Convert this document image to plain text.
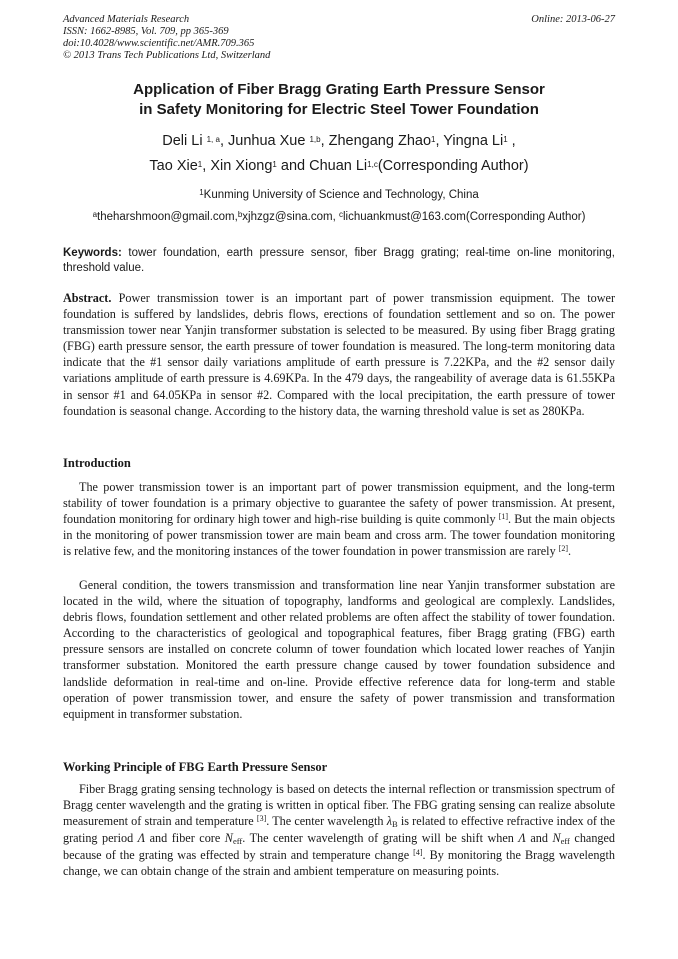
Advanced Materials Research
ISSN: 1662-8985, Vol. 709, pp 365-369
doi:10.4028/www.scientific.net/AMR.709.365
© 2013 Trans Tech Publications Ltd, Switzerland
Online: 2013-06-27
Application of Fiber Bragg Grating Earth Pressure Sensor
in Safety Monitoring for Electric Steel Tower Foundation
Deli Li $^{1, a}$, Junhua Xue $^{1,b}$, Zhengang Zhao$^1$, Yingna Li$^1$ ,
Tao Xie$^1$, Xin Xiong$^1$ and Chuan Li$^{1,c}$(Corresponding Author)
$^1$Kunming University of Science and Technology, China
$^a$theharshmoon@gmail.com,$^b$xjhzgz@sina.com, $^c$lichuankmust@163.com(Corresponding Author)
Keywords: tower foundation, earth pressure sensor, fiber Bragg grating; real-time on-line monitoring, threshold value.
Abstract. Power transmission tower is an important part of power transmission equipment. The tower foundation is suffered by landslides, debris flows, erections of foundation settlement and so on. The power transmission tower near Yanjin transformer substation is selected to be measured. By using fiber Bragg grating (FBG) earth pressure sensor, the earth pressure of tower foundation is measured. The long-term monitoring data indicate that the #1 sensor daily variations amplitude of earth pressure is 7.22KPa, and the #2 sensor daily variations amplitude of earth pressure is 4.69KPa. In the 479 days, the rangeability of average data is 61.55KPa in sensor #1 and 64.05KPa in sensor #2. Compared with the local precipitation, the earth pressure of tower foundation is seasonal change. According to the history data, the warning threshold value is set as 280KPa.
Introduction
The power transmission tower is an important part of power transmission equipment, and the long-term stability of tower foundation is a primary objective to guarantee the safety of power transmission. At present, foundation monitoring for ordinary high tower and high-rise building is quite commonly [1]. But the main objects in the monitoring of power transmission tower are main beam and cross arm. The tower foundation monitoring is relative few, and the monitoring instances of the tower foundation in power transmission are rarely [2].
General condition, the towers transmission and transformation line near Yanjin transformer substation are located in the wild, where the situation of topography, landforms and geological are complexly. Landslides, debris flows, foundation settlement and other related problems are often affect the stability of tower foundation. According to the characteristics of geological and topographical features, fiber Bragg grating (FBG) earth pressure sensors are installed on concrete column of tower foundation which located lower reaches of Yanjin transformer substation. Monitored the earth pressure change caused by tower foundation subsidence and landslide deformation in real-time and on-line. Provide effective reference data for long-term and stable operation of power transmission tower, and ensure the safety of power transmission and transformation equipment in transformer substation.
Working Principle of FBG Earth Pressure Sensor
Fiber Bragg grating sensing technology is based on detects the internal reflection or transmission spectrum of Bragg center wavelength and the grating is written in optical fiber. The FBG grating sensing can realize absolute measurement of strain and temperature [3]. The center wavelength λB is related to effective refractive index of the grating period Λ and fiber core Neff. The center wavelength of grating will be shift when Λ and Neff changed because of the grating was effected by strain and temperature change [4]. By monitoring the Bragg wavelength change, we can obtain change of the strain and ambient temperature on measuring points.
